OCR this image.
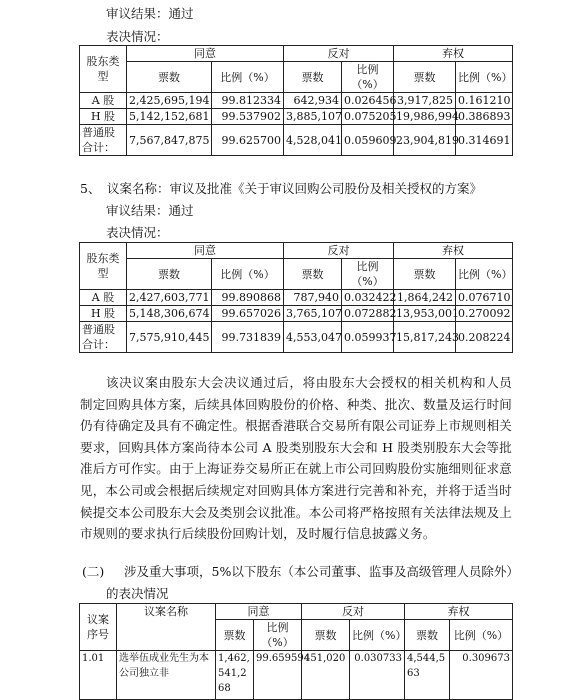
审议结果：通过
表决情况：
股东类型	同意		反对		弃权	
	票数	比例（%）	票数	比例（%）	票数	比例（%）
A 股	2,425,695,194	99.812334	642,934	0.026456	3,917,825	0.161210
H 股	5,142,152,681	99.537902	3,885,107	0.075205	19,986,994	0.386893
普通股合计：	7,567,847,875	99.625700	4,528,041	0.059609	23,904,819	0.314691
5、 议案名称：审议及批准《关于审议回购公司股份及相关授权的方案》
审议结果：通过
表决情况：
股东类型	同意		反对		弃权	
	票数	比例（%）	票数	比例（%）	票数	比例（%）
A 股	2,427,603,771	99.890868	787,940	0.032422	1,864,242	0.076710
H 股	5,148,306,674	99.657026	3,765,107	0.072882	13,953,001	0.270092
普通股合计：	7,575,910,445	99.731839	4,553,047	0.059937	15,817,243	0.208224

该决议案由股东大会决议通过后，将由股东大会授权的相关机构和人员制定回购具体方案，后续具体回购股份的价格、种类、批次、数量及运行时间仍有待确定及具有不确定性。根据香港联合交易所有限公司证券上市规则相关要求，回购具体方案尚待本公司 A 股类别股东大会和 H 股类别股东大会等批准后方可作实。由于上海证券交易所正在就上市公司回购股份实施细则征求意见，本公司或会根据后续规定对回购具体方案进行完善和补充，并将于适当时候提交本公司股东大会及类别会议批准。本公司将严格按照有关法律法规及上市规则的要求执行后续股份回购计划，及时履行信息披露义务。

(二) 涉及重大事项，5%以下股东（本公司董事、监事及高级管理人员除外）
的表决情况
议案序号	议案名称	同意		反对		弃权	
		票数	比例（%）	票数	比例（%）	票数	比例（%）
1.01	选举伍成业先生为本公司独立非	1,462,541,268	99.659594	451,020	0.030733	4,544,563	0.309673
